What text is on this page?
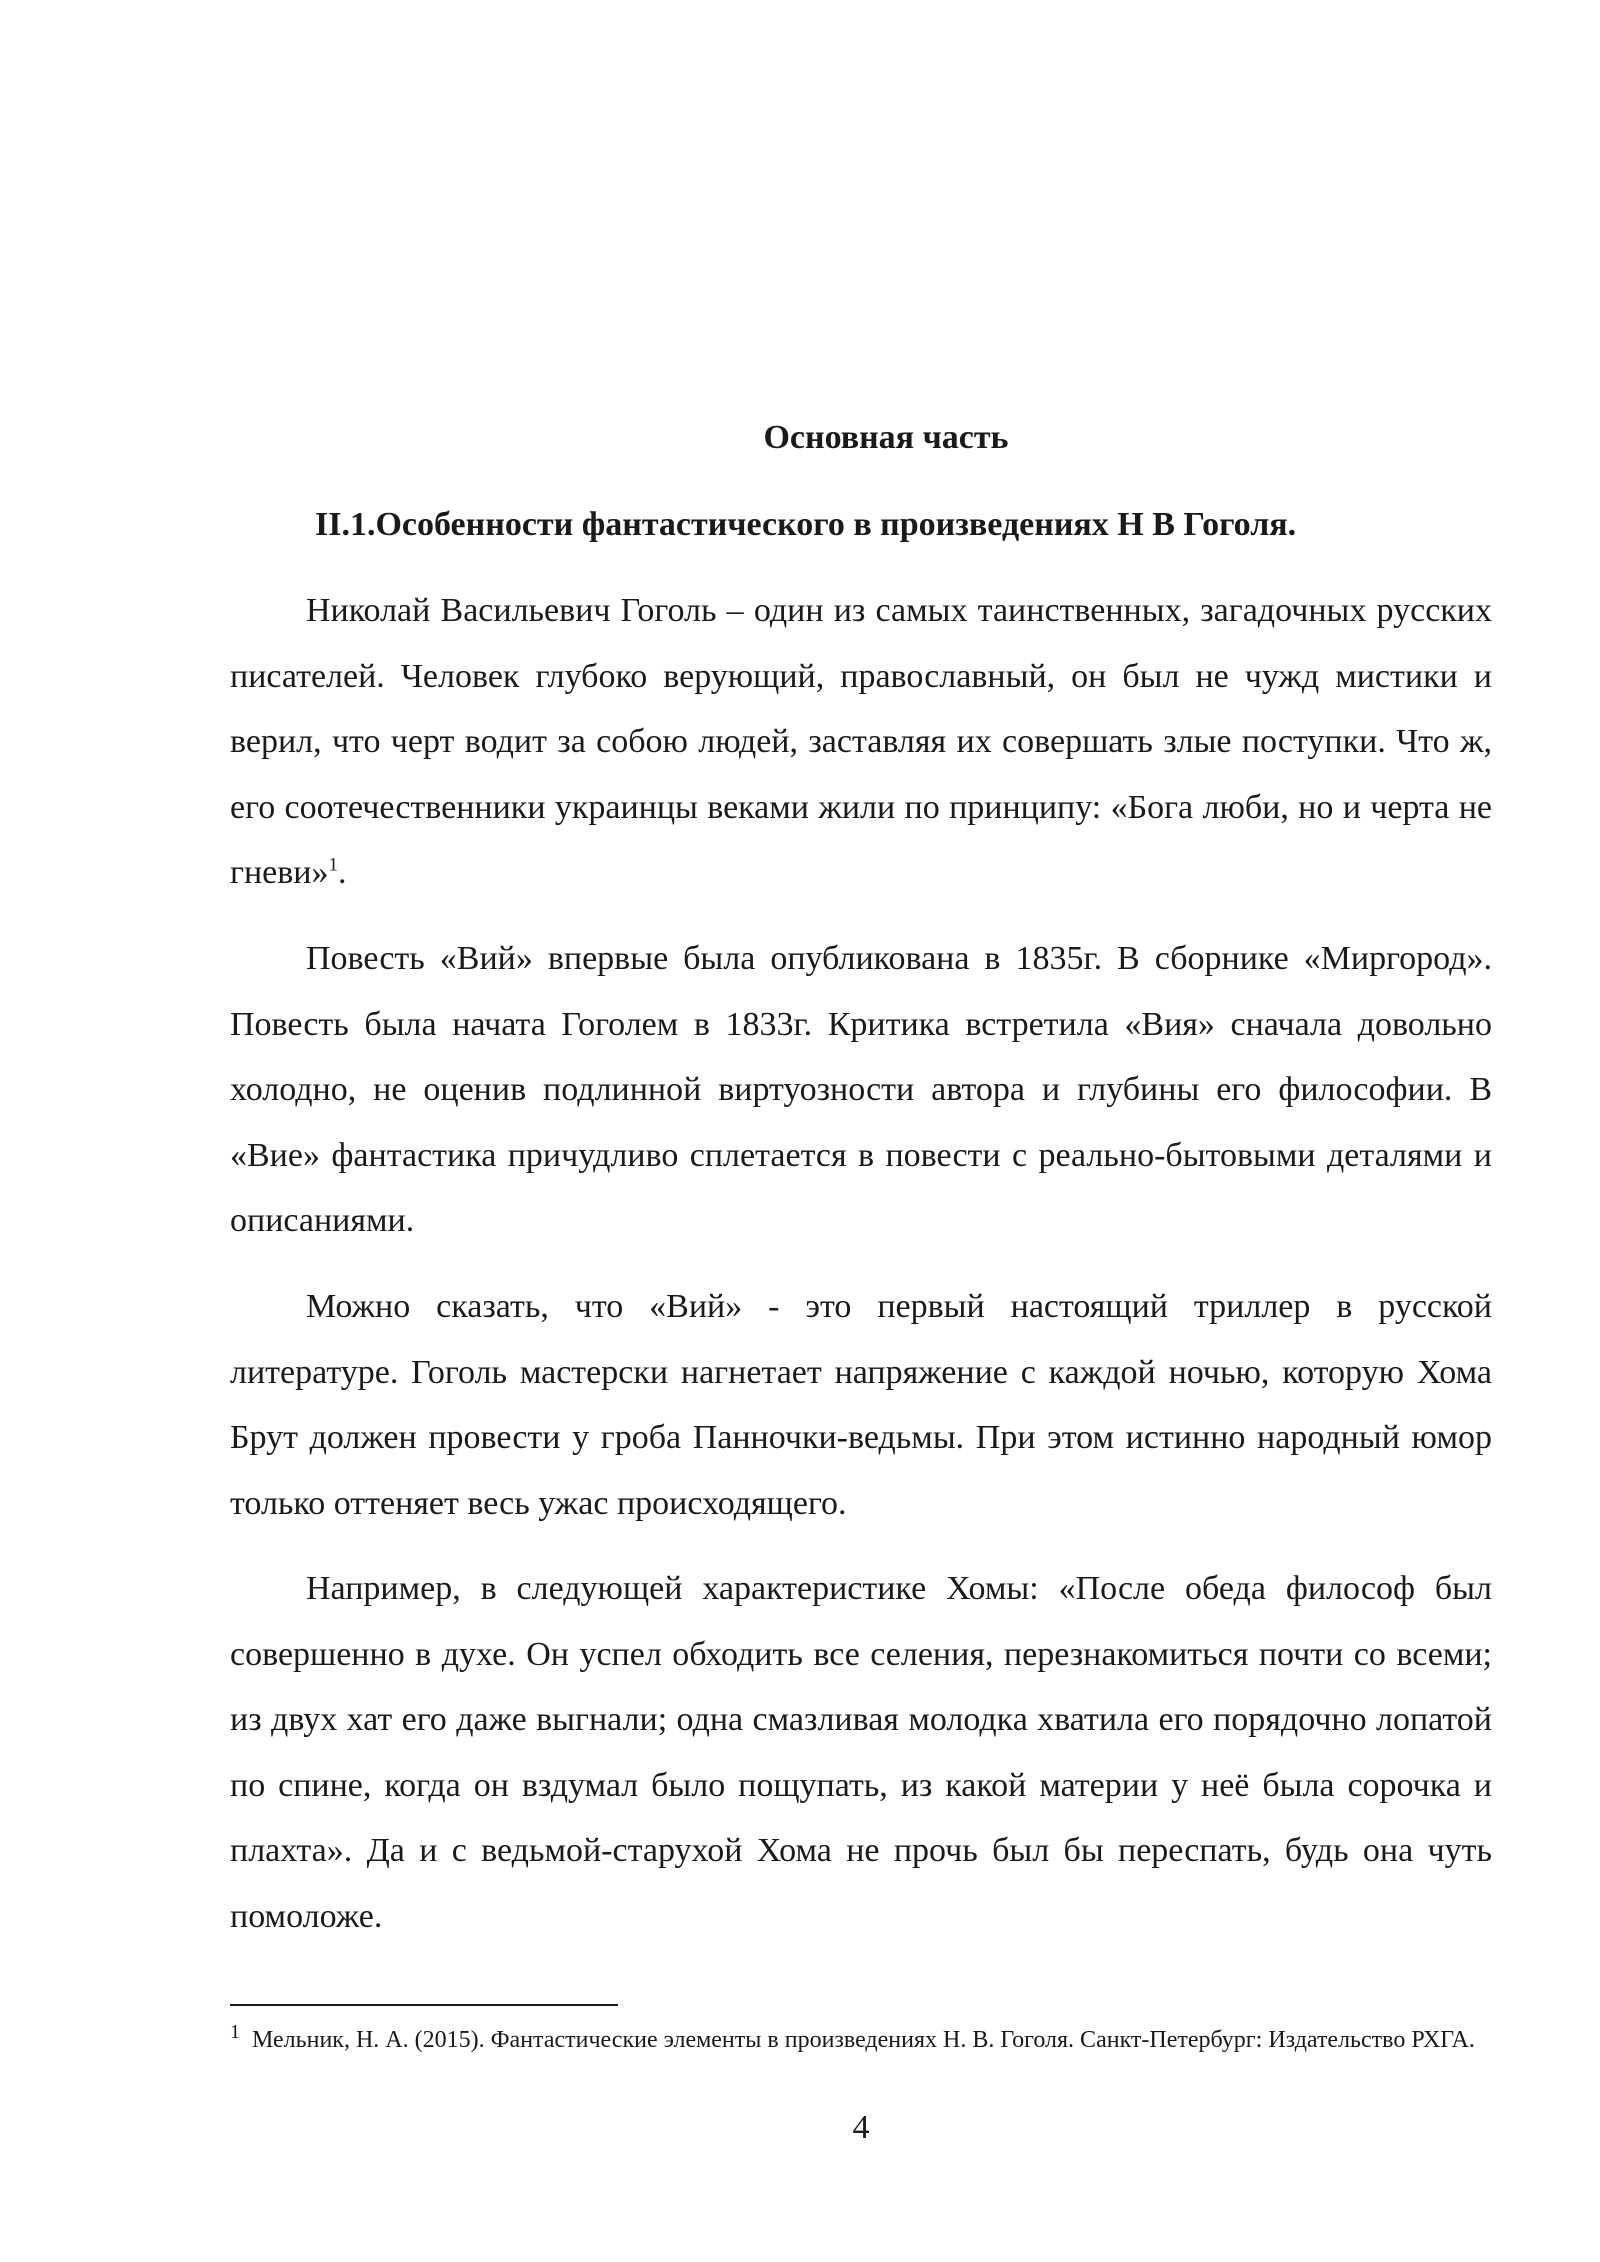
Основная часть
II.1.Особенности фантастического в произведениях Н В Гоголя.

Николай Васильевич Гоголь – один из самых таинственных, загадочных русских писателей. Человек глубоко верующий, православный, он был не чужд мистики и верил, что черт водит за собою людей, заставляя их совершать злые поступки. Что ж, его соотечественники украинцы веками жили по принципу: «Бога люби, но и черта не гневи»$^1$.

Повесть «Вий» впервые была опубликована в 1835г. В сборнике «Миргород». Повесть была начата Гоголем в 1833г. Критика встретила «Вия» сначала довольно холодно, не оценив подлинной виртуозности автора и глубины его философии. В «Вие» фантастика причудливо сплетается в повести с реально-бытовыми деталями и описаниями.

Можно сказать, что «Вий» - это первый настоящий триллер в русской литературе. Гоголь мастерски нагнетает напряжение с каждой ночью, которую Хома Брут должен провести у гроба Панночки-ведьмы. При этом истинно народный юмор только оттеняет весь ужас происходящего.

Например, в следующей характеристике Хомы: «После обеда философ был совершенно в духе. Он успел обходить все селения, перезнакомиться почти со всеми; из двух хат его даже выгнали; одна смазливая молодка хватила его порядочно лопатой по спине, когда он вздумал было пощупать, из какой материи у неё была сорочка и плахта». Да и с ведьмой-старухой Хома не прочь был бы переспать, будь она чуть помоложе.

$^1$ Мельник, Н. А. (2015). Фантастические элементы в произведениях Н. В. Гоголя. Санкт-Петербург: Издательство РХГА.

4
